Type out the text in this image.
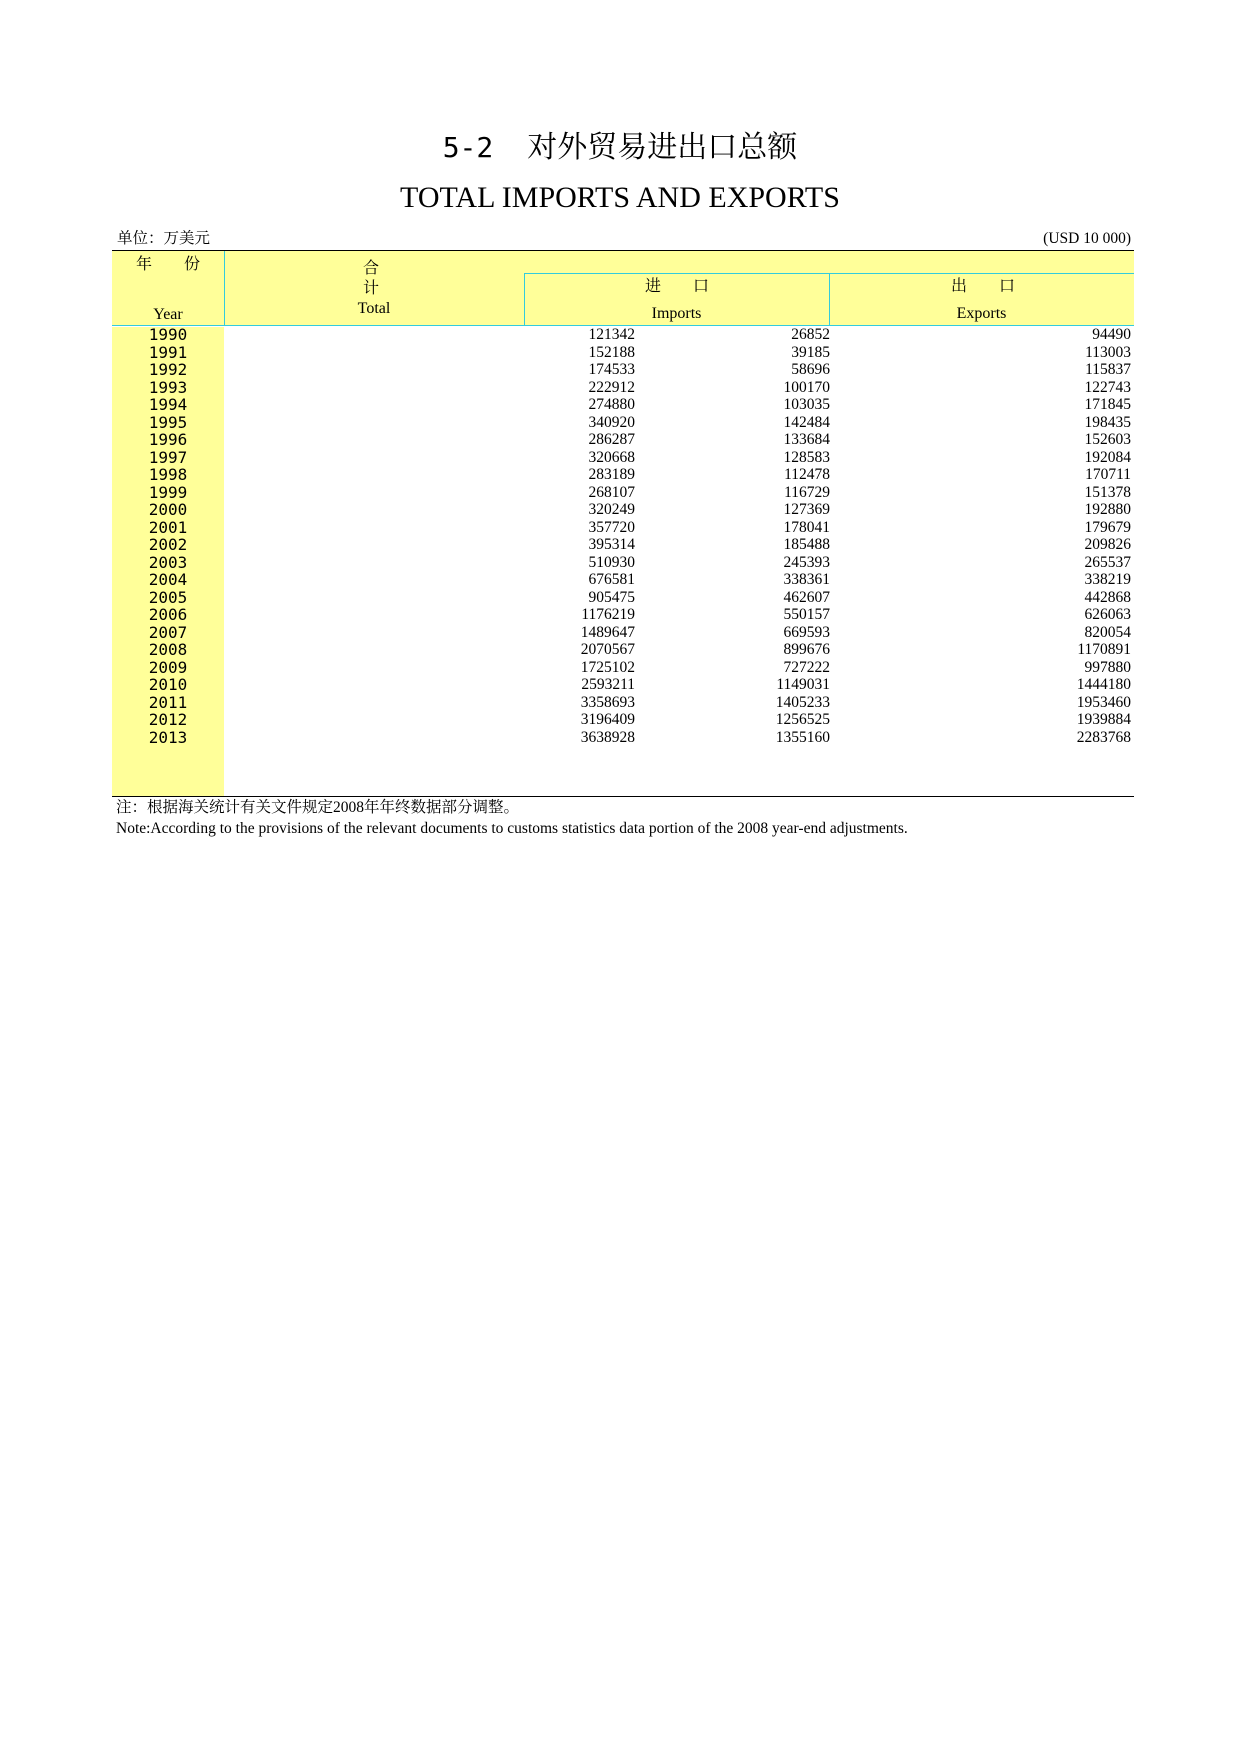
5-2 对外贸易进出口总额
TOTAL IMPORTS AND EXPORTS
单位：万美元	(USD 10 000)
年 份
Year
合 计
Total
进 口
Imports
出 口
Exports
1990	121342	26852	94490
1991	152188	39185	113003
1992	174533	58696	115837
1993	222912	100170	122743
1994	274880	103035	171845
1995	340920	142484	198435
1996	286287	133684	152603
1997	320668	128583	192084
1998	283189	112478	170711
1999	268107	116729	151378
2000	320249	127369	192880
2001	357720	178041	179679
2002	395314	185488	209826
2003	510930	245393	265537
2004	676581	338361	338219
2005	905475	462607	442868
2006	1176219	550157	626063
2007	1489647	669593	820054
2008	2070567	899676	1170891
2009	1725102	727222	997880
2010	2593211	1149031	1444180
2011	3358693	1405233	1953460
2012	3196409	1256525	1939884
2013	3638928	1355160	2283768
注：根据海关统计有关文件规定2008年年终数据部分调整。
Note:According to the provisions of the relevant documents to customs statistics data portion of the 2008 year-end adjustments.
